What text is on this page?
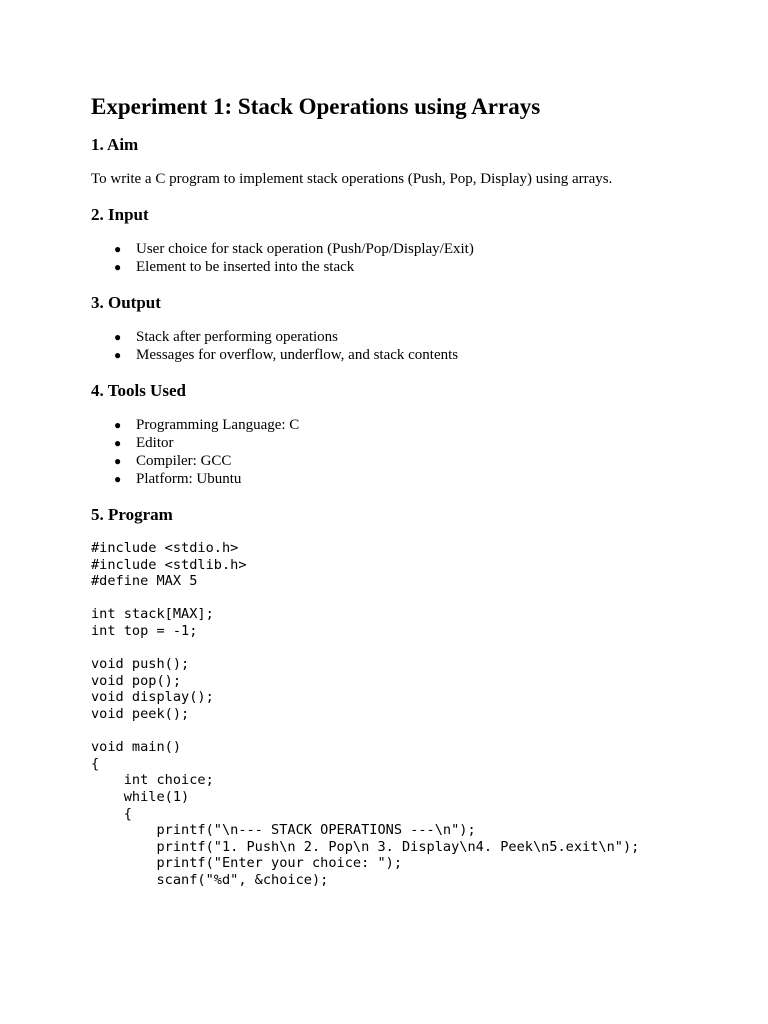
Experiment 1: Stack Operations using Arrays
1. Aim

To write a C program to implement stack operations (Push, Pop, Display) using arrays.

2. Input
● User choice for stack operation (Push/Pop/Display/Exit)
● Element to be inserted into the stack
3. Output
● Stack after performing operations
● Messages for overflow, underflow, and stack contents
4. Tools Used
● Programming Language: C
● Editor
● Compiler: GCC
● Platform: Ubuntu
5. Program
#include <stdio.h>
#include <stdlib.h>
#define MAX 5

int stack[MAX];
int top = -1;

void push();
void pop();
void display();
void peek();

void main()
{
int choice;
while(1)
{
printf("\n--- STACK OPERATIONS ---\n");
printf("1. Push\n 2. Pop\n 3. Display\n4. Peek\n5.exit\n");
printf("Enter your choice: ");
scanf("%d", &choice);
